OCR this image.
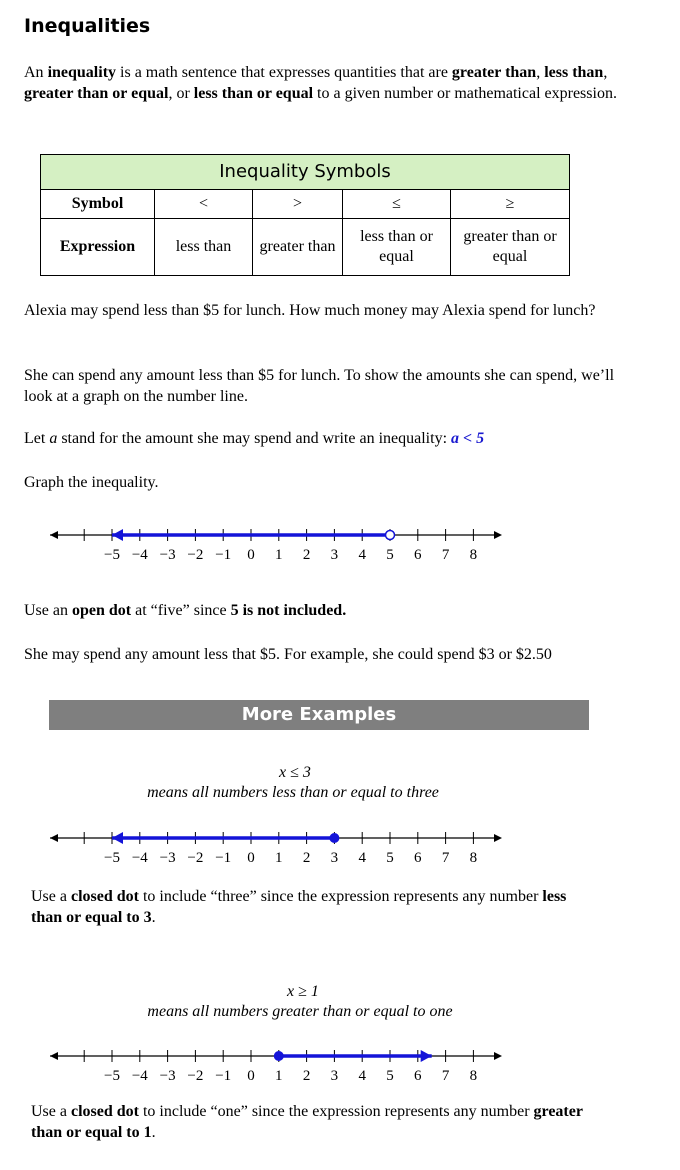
Inequalities
An inequality is a math sentence that expresses quantities that are greater than, less than, greater than or equal, or less than or equal to a given number or mathematical expression.
Inequality Symbols				
Symbol	<	>	≤	≥
Expression	less than	greater than	less than or equal	greater than or equal
Alexia may spend less than $5 for lunch. How much money may Alexia spend for lunch?
She can spend any amount less than $5 for lunch. To show the amounts she can spend, we’ll look at a graph on the number line.
Let a stand for the amount she may spend and write an inequality: a < 5
Graph the inequality.
−5 −4 −3 −2 −1 0 1 2 3 4 5 6 7 8
Use an open dot at “five” since 5 is not included.
She may spend any amount less that $5. For example, she could spend $3 or $2.50
More Examples
x ≤ 3
means all numbers less than or equal to three
−5 −4 −3 −2 −1 0 1 2 3 4 5 6 7 8
Use a closed dot to include “three” since the expression represents any number less than or equal to 3.
x ≥ 1
means all numbers greater than or equal to one
−5 −4 −3 −2 −1 0 1 2 3 4 5 6 7 8
Use a closed dot to include “one” since the expression represents any number greater than or equal to 1.
